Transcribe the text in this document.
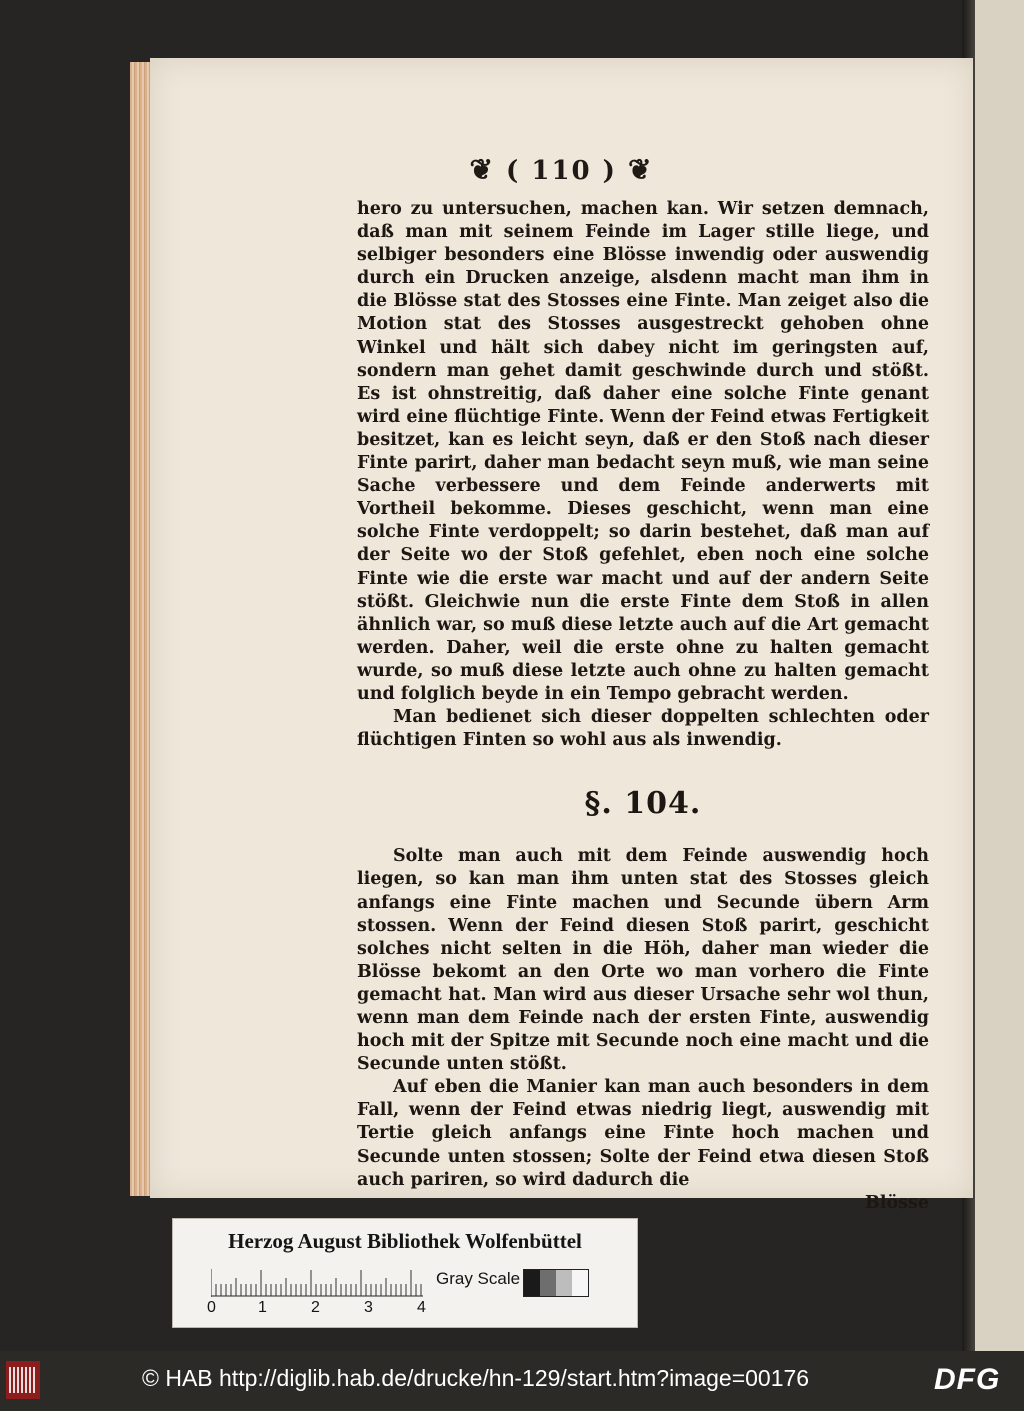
❦ ( 110 ) ❦

hero zu untersuchen, machen kan. Wir setzen demnach, daß man mit seinem Feinde im Lager stille liege, und selbiger besonders eine Blösse inwendig oder auswendig durch ein Drucken anzeige, alsdenn macht man ihm in die Blösse stat des Stosses eine Finte. Man zeiget also die Motion stat des Stosses ausgestreckt gehoben ohne Winkel und hält sich dabey nicht im geringsten auf, sondern man gehet damit geschwinde durch und stößt. Es ist ohnstreitig, daß daher eine solche Finte genant wird eine flüchtige Finte. Wenn der Feind etwas Fertigkeit besitzet, kan es leicht seyn, daß er den Stoß nach dieser Finte parirt, daher man bedacht seyn muß, wie man seine Sache verbessere und dem Feinde anderwerts mit Vortheil bekomme. Dieses geschicht, wenn man eine solche Finte verdoppelt; so darin bestehet, daß man auf der Seite wo der Stoß gefehlet, eben noch eine solche Finte wie die erste war macht und auf der andern Seite stößt. Gleichwie nun die erste Finte dem Stoß in allen ähnlich war, so muß diese letzte auch auf die Art gemacht werden. Daher, weil die erste ohne zu halten gemacht wurde, so muß diese letzte auch ohne zu halten gemacht und folglich beyde in ein Tempo gebracht werden.

Man bedienet sich dieser doppelten schlechten oder flüchtigen Finten so wohl aus als inwendig.

§. 104.

Solte man auch mit dem Feinde auswendig hoch liegen, so kan man ihm unten stat des Stosses gleich anfangs eine Finte machen und Secunde übern Arm stossen. Wenn der Feind diesen Stoß parirt, geschicht solches nicht selten in die Höh, daher man wieder die Blösse bekomt an den Orte wo man vorhero die Finte gemacht hat. Man wird aus dieser Ursache sehr wol thun, wenn man dem Feinde nach der ersten Finte, auswendig hoch mit der Spitze mit Secunde noch eine macht und die Secunde unten stößt.

Auf eben die Manier kan man auch besonders in dem Fall, wenn der Feind etwas niedrig liegt, auswendig mit Tertie gleich anfangs eine Finte hoch machen und Secunde unten stossen; Solte der Feind etwa diesen Stoß auch pariren, so wird dadurch die

Blösse

Herzog August Bibliothek Wolfenbüttel
0	1	2	3	4
Gray Scale
© HAB http://diglib.hab.de/drucke/hn-129/start.htm?image=00176	DFG
